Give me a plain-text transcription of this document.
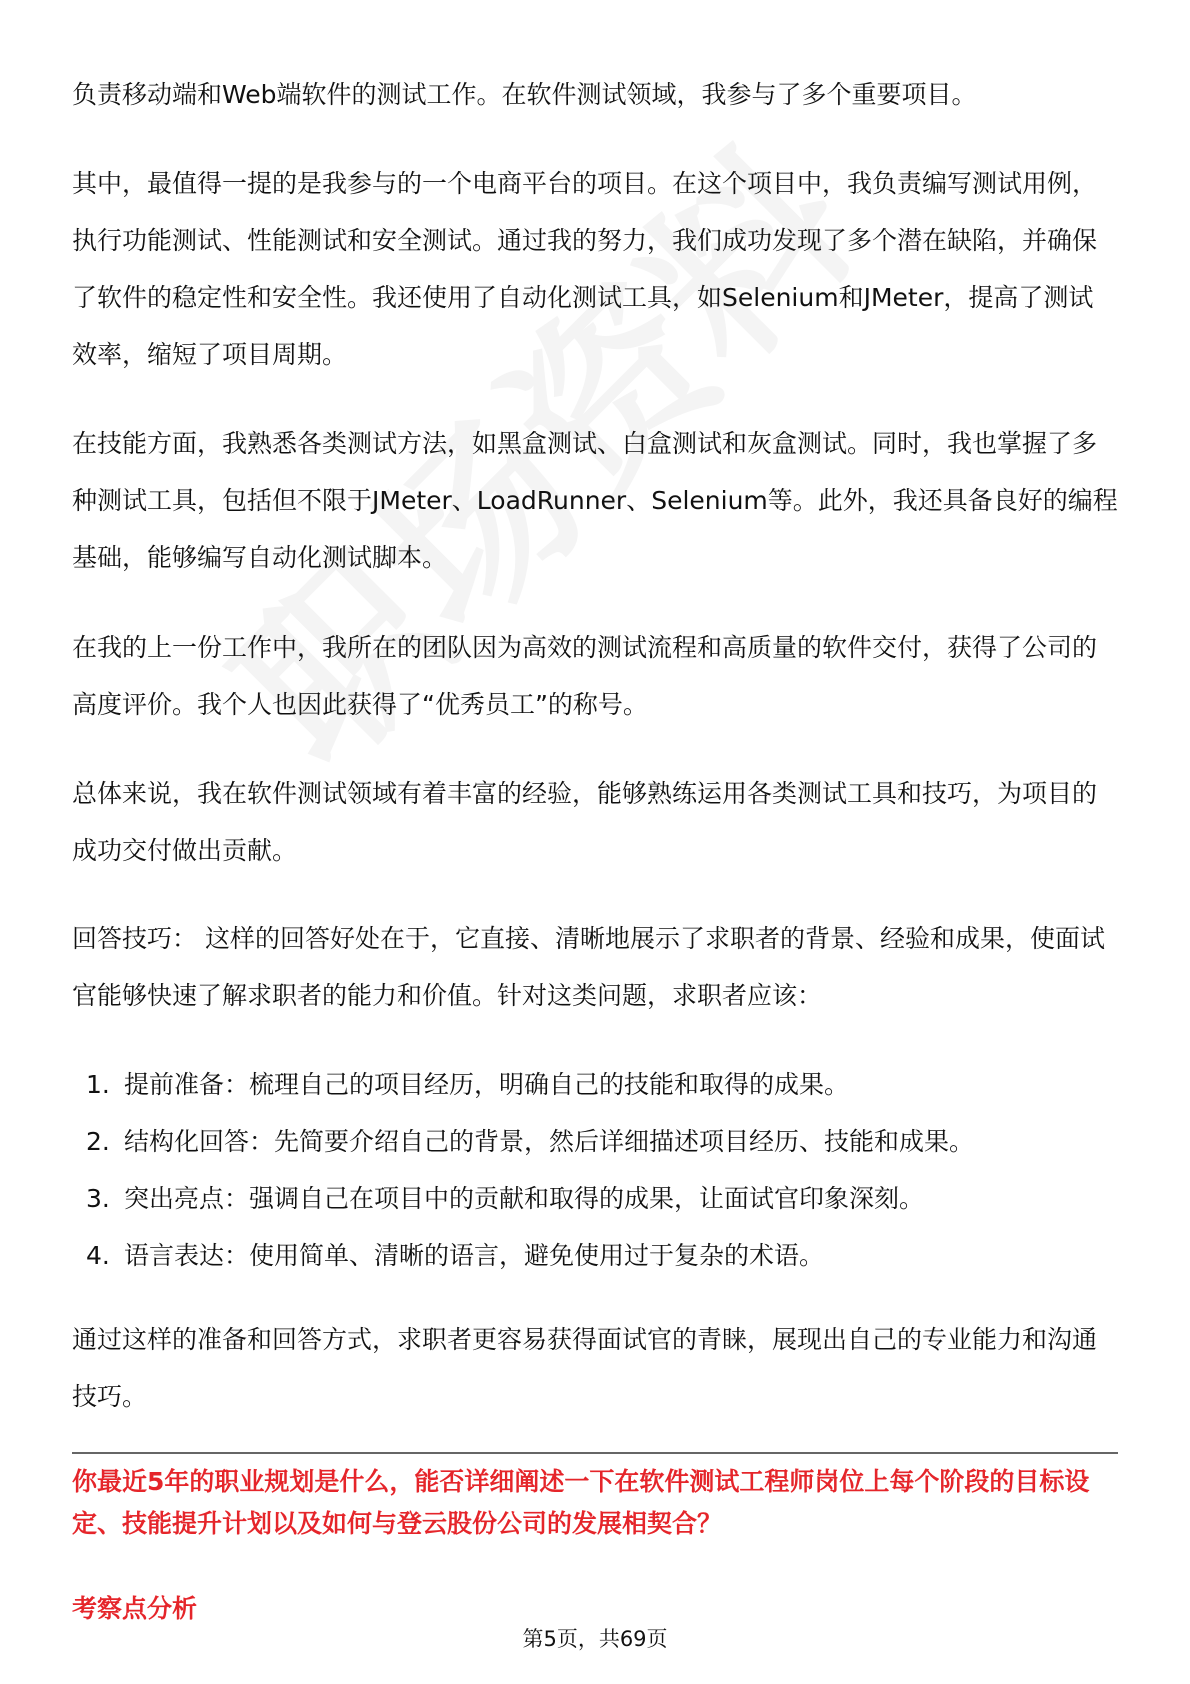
负责移动端和Web端软件的测试工作。在软件测试领域，我参与了多个重要项目。

其中，最值得一提的是我参与的一个电商平台的项目。在这个项目中，我负责编写测试用例，执行功能测试、性能测试和安全测试。通过我的努力，我们成功发现了多个潜在缺陷，并确保了软件的稳定性和安全性。我还使用了自动化测试工具，如Selenium和JMeter，提高了测试效率，缩短了项目周期。

在技能方面，我熟悉各类测试方法，如黑盒测试、白盒测试和灰盒测试。同时，我也掌握了多种测试工具，包括但不限于JMeter、LoadRunner、Selenium等。此外，我还具备良好的编程基础，能够编写自动化测试脚本。

在我的上一份工作中，我所在的团队因为高效的测试流程和高质量的软件交付，获得了公司的高度评价。我个人也因此获得了“优秀员工”的称号。

总体来说，我在软件测试领域有着丰富的经验，能够熟练运用各类测试工具和技巧，为项目的成功交付做出贡献。

回答技巧： 这样的回答好处在于，它直接、清晰地展示了求职者的背景、经验和成果，使面试官能够快速了解求职者的能力和价值。针对这类问题，求职者应该：

1. 提前准备：梳理自己的项目经历，明确自己的技能和取得的成果。
2. 结构化回答：先简要介绍自己的背景，然后详细描述项目经历、技能和成果。
3. 突出亮点：强调自己在项目中的贡献和取得的成果，让面试官印象深刻。
4. 语言表达：使用简单、清晰的语言，避免使用过于复杂的术语。

通过这样的准备和回答方式，求职者更容易获得面试官的青睐，展现出自己的专业能力和沟通技巧。

你最近5年的职业规划是什么，能否详细阐述一下在软件测试工程师岗位上每个阶段的目标设定、技能提升计划以及如何与登云股份公司的发展相契合？

考察点分析

第5页，共69页
